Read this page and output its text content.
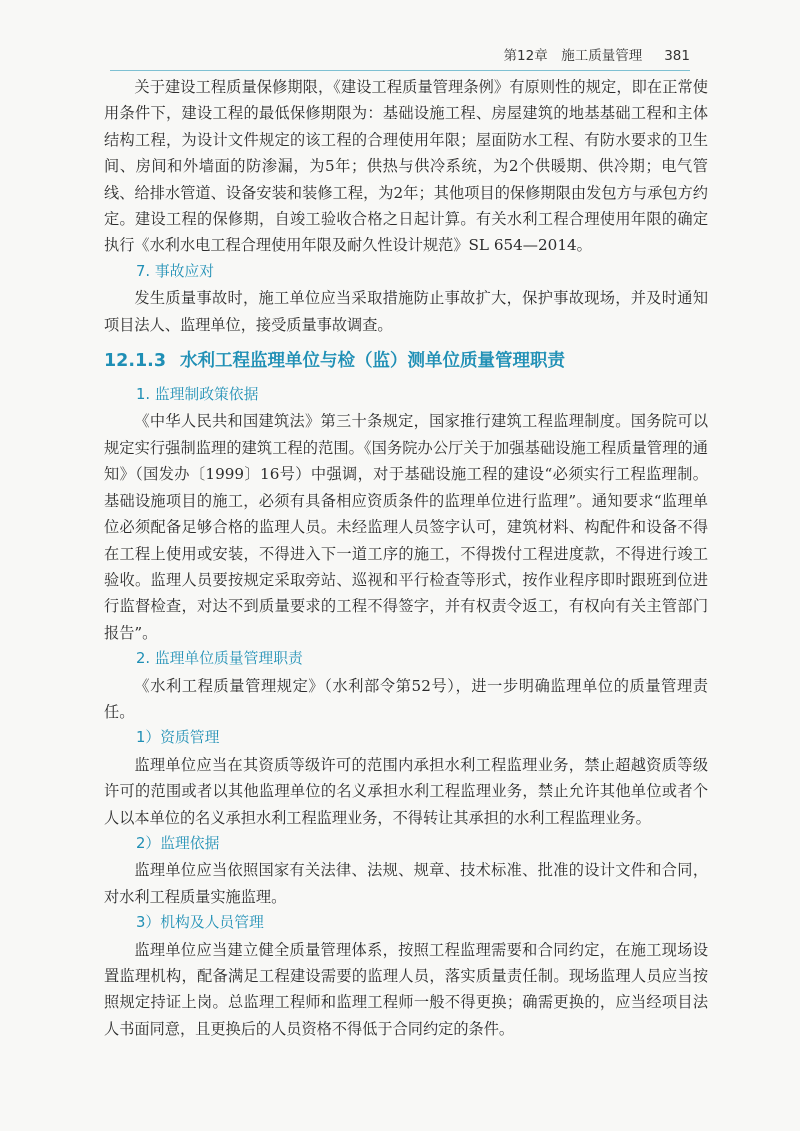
第12章　施工质量管理 381

关于建设工程质量保修期限，《建设工程质量管理条例》有原则性的规定，即在正常使用条件下，建设工程的最低保修期限为：基础设施工程、房屋建筑的地基基础工程和主体结构工程，为设计文件规定的该工程的合理使用年限；屋面防水工程、有防水要求的卫生间、房间和外墙面的防渗漏，为5年；供热与供冷系统，为2个供暖期、供冷期；电气管线、给排水管道、设备安装和装修工程，为2年；其他项目的保修期限由发包方与承包方约定。建设工程的保修期，自竣工验收合格之日起计算。有关水利工程合理使用年限的确定执行《水利水电工程合理使用年限及耐久性设计规范》SL 654—2014。

7. 事故应对

发生质量事故时，施工单位应当采取措施防止事故扩大，保护事故现场，并及时通知项目法人、监理单位，接受质量事故调查。

12.1.3 水利工程监理单位与检（监）测单位质量管理职责
1. 监理制政策依据

《中华人民共和国建筑法》第三十条规定，国家推行建筑工程监理制度。国务院可以规定实行强制监理的建筑工程的范围。《国务院办公厅关于加强基础设施工程质量管理的通知》（国发办〔1999〕16号）中强调，对于基础设施工程的建设“必须实行工程监理制。基础设施项目的施工，必须有具备相应资质条件的监理单位进行监理”。通知要求“监理单位必须配备足够合格的监理人员。未经监理人员签字认可，建筑材料、构配件和设备不得在工程上使用或安装，不得进入下一道工序的施工，不得拨付工程进度款，不得进行竣工验收。监理人员要按规定采取旁站、巡视和平行检查等形式，按作业程序即时跟班到位进行监督检查，对达不到质量要求的工程不得签字，并有权责令返工，有权向有关主管部门报告”。

2. 监理单位质量管理职责

《水利工程质量管理规定》（水利部令第52号），进一步明确监理单位的质量管理责任。

1）资质管理

监理单位应当在其资质等级许可的范围内承担水利工程监理业务，禁止超越资质等级许可的范围或者以其他监理单位的名义承担水利工程监理业务，禁止允许其他单位或者个人以本单位的名义承担水利工程监理业务，不得转让其承担的水利工程监理业务。

2）监理依据

监理单位应当依照国家有关法律、法规、规章、技术标准、批准的设计文件和合同，对水利工程质量实施监理。

3）机构及人员管理

监理单位应当建立健全质量管理体系，按照工程监理需要和合同约定，在施工现场设置监理机构，配备满足工程建设需要的监理人员，落实质量责任制。现场监理人员应当按照规定持证上岗。总监理工程师和监理工程师一般不得更换；确需更换的，应当经项目法人书面同意，且更换后的人员资格不得低于合同约定的条件。
